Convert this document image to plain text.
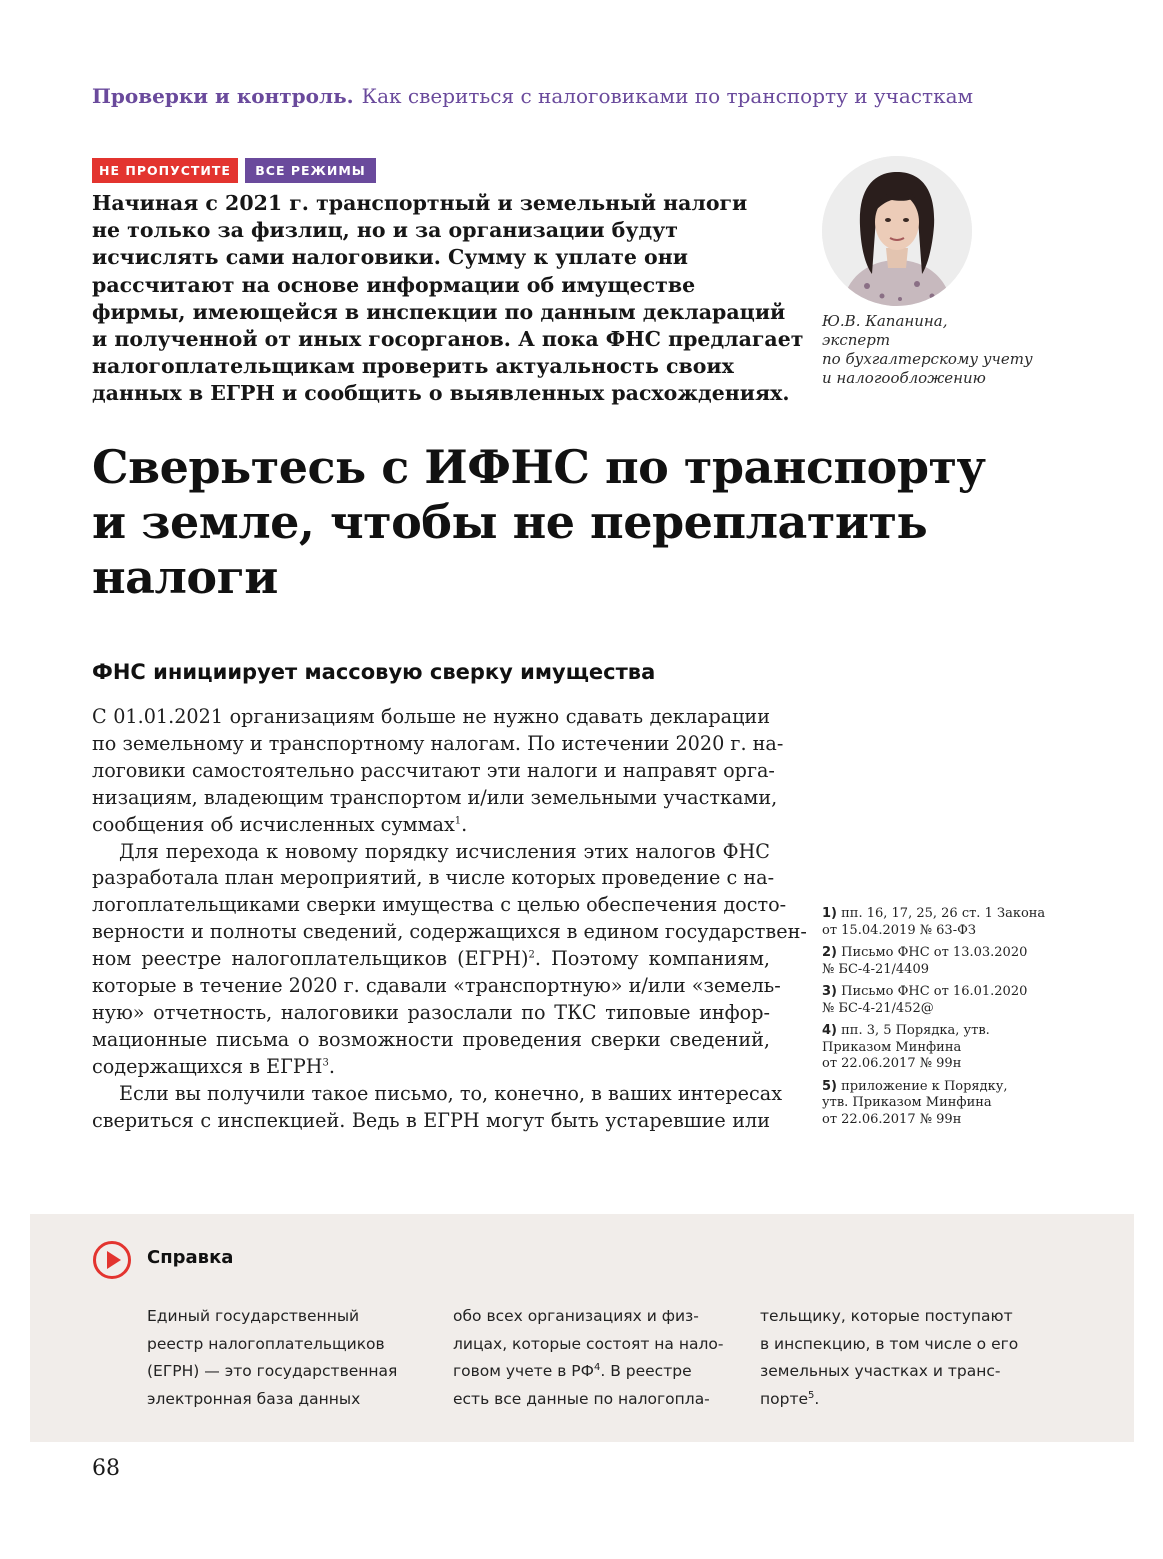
Проверки и контроль. Как свериться с налоговиками по транспорту и участкам
НЕ ПРОПУСТИТЕ	ВСЕ РЕЖИМЫ
Начиная с 2021 г. транспортный и земельный налоги
не только за физлиц, но и за организации будут
исчислять сами налоговики. Сумму к уплате они
рассчитают на основе информации об имуществе
фирмы, имеющейся в инспекции по данным деклараций
и полученной от иных госорганов. А пока ФНС предлагает
налогоплательщикам проверить актуальность своих
данных в ЕГРН и сообщить о выявленных расхождениях.
Ю.В. Капанина,
эксперт
по бухгалтерскому учету
и налогообложению
Сверьтесь с ИФНС по транспорту
и земле, чтобы не переплатить
налоги
ФНС инициирует массовую сверку имущества
С 01.01.2021 организациям больше не нужно сдавать декларации
по земельному и транспортному налогам. По истечении 2020 г. на-
логовики самостоятельно рассчитают эти налоги и направят орга-
низациям, владеющим транспортом и/или земельными участками,
сообщения об исчисленных суммах$^1$.
Для перехода к новому порядку исчисления этих налогов ФНС
разработала план мероприятий, в числе которых проведение с на-
логоплательщиками сверки имущества с целью обеспечения досто-
верности и полноты сведений, содержащихся в едином государствен-
ном реестре налогоплательщиков (ЕГРН)$^2$. Поэтому компаниям,
которые в течение 2020 г. сдавали «транспортную» и/или «земель-
ную» отчетность, налоговики разослали по ТКС типовые инфор-
мационные письма о возможности проведения сверки сведений,
содержащихся в ЕГРН$^3$.
Если вы получили такое письмо, то, конечно, в ваших интересах
свериться с инспекцией. Ведь в ЕГРН могут быть устаревшие или
1) пп. 16, 17, 25, 26 ст. 1 Закона
от 15.04.2019 № 63-ФЗ
2) Письмо ФНС от 13.03.2020
№ БС-4-21/4409
3) Письмо ФНС от 16.01.2020
№ БС-4-21/452@
4) пп. 3, 5 Порядка, утв.
Приказом Минфина
от 22.06.2017 № 99н
5) приложение к Порядку,
утв. Приказом Минфина
от 22.06.2017 № 99н
Справка
Единый государственный
реестр налогоплательщиков
(ЕГРН) — это государственная
электронная база данных
обо всех организациях и физ-
лицах, которые состоят на нало-
говом учете в $РФ^4$. В реестре
есть все данные по налогопла-
тельщику, которые поступают
в инспекцию, в том числе о его
земельных участках и транс-
порте$^5$.
68
